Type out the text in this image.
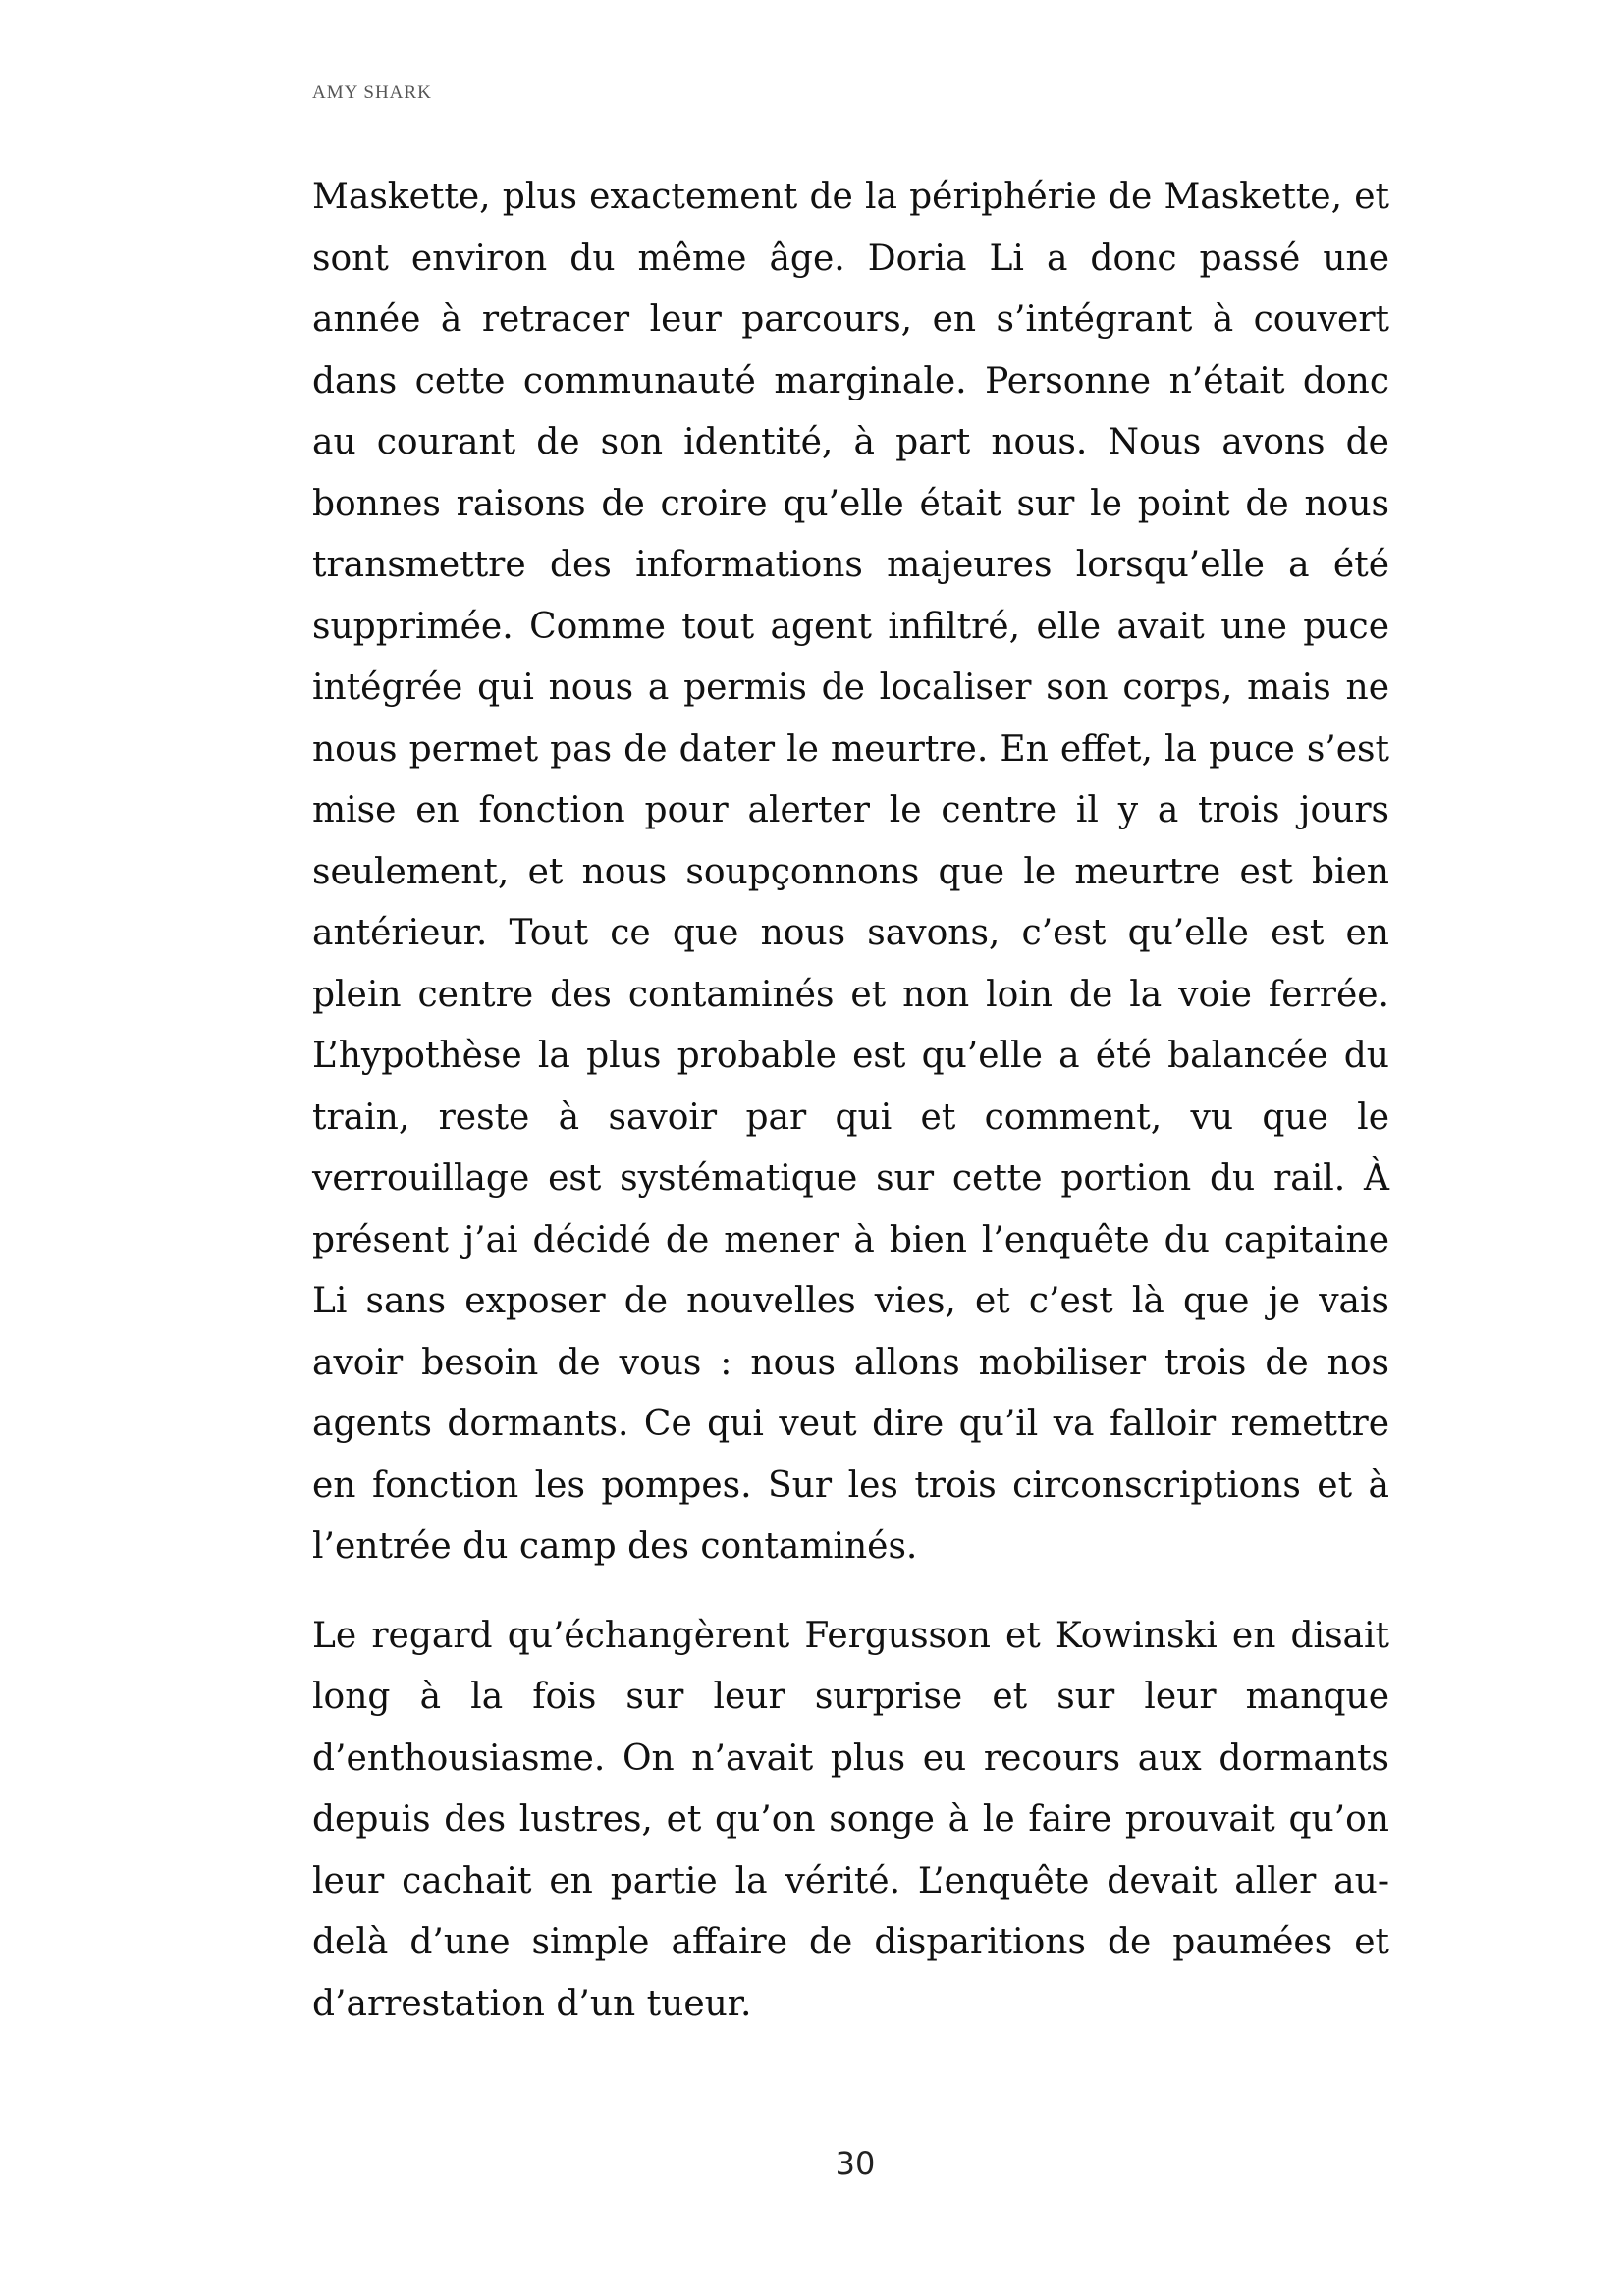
AMY SHARK

Maskette, plus exactement de la périphérie de Maskette, et sont environ du même âge. Doria Li a donc passé une année à retracer leur parcours, en s’intégrant à couvert dans cette communauté marginale. Personne n’était donc au courant de son identité, à part nous. Nous avons de bonnes raisons de croire qu’elle était sur le point de nous transmettre des informations majeures lorsqu’elle a été supprimée. Comme tout agent infiltré, elle avait une puce intégrée qui nous a permis de localiser son corps, mais ne nous permet pas de dater le meurtre. En effet, la puce s’est mise en fonction pour alerter le centre il y a trois jours seulement, et nous soupçonnons que le meurtre est bien antérieur. Tout ce que nous savons, c’est qu’elle est en plein centre des contaminés et non loin de la voie ferrée. L’hypothèse la plus probable est qu’elle a été balancée du train, reste à savoir par qui et comment, vu que le verrouillage est systématique sur cette portion du rail. À présent j’ai décidé de mener à bien l’enquête du capitaine Li sans exposer de nouvelles vies, et c’est là que je vais avoir besoin de vous : nous allons mobiliser trois de nos agents dormants. Ce qui veut dire qu’il va falloir remettre en fonction les pompes. Sur les trois circonscriptions et à l’entrée du camp des contaminés.

Le regard qu’échangèrent Fergusson et Kowinski en disait long à la fois sur leur surprise et sur leur manque d’enthousiasme. On n’avait plus eu recours aux dormants depuis des lustres, et qu’on songe à le faire prouvait qu’on leur cachait en partie la vérité. L’enquête devait aller au-delà d’une simple affaire de disparitions de paumées et d’arrestation d’un tueur.

30
